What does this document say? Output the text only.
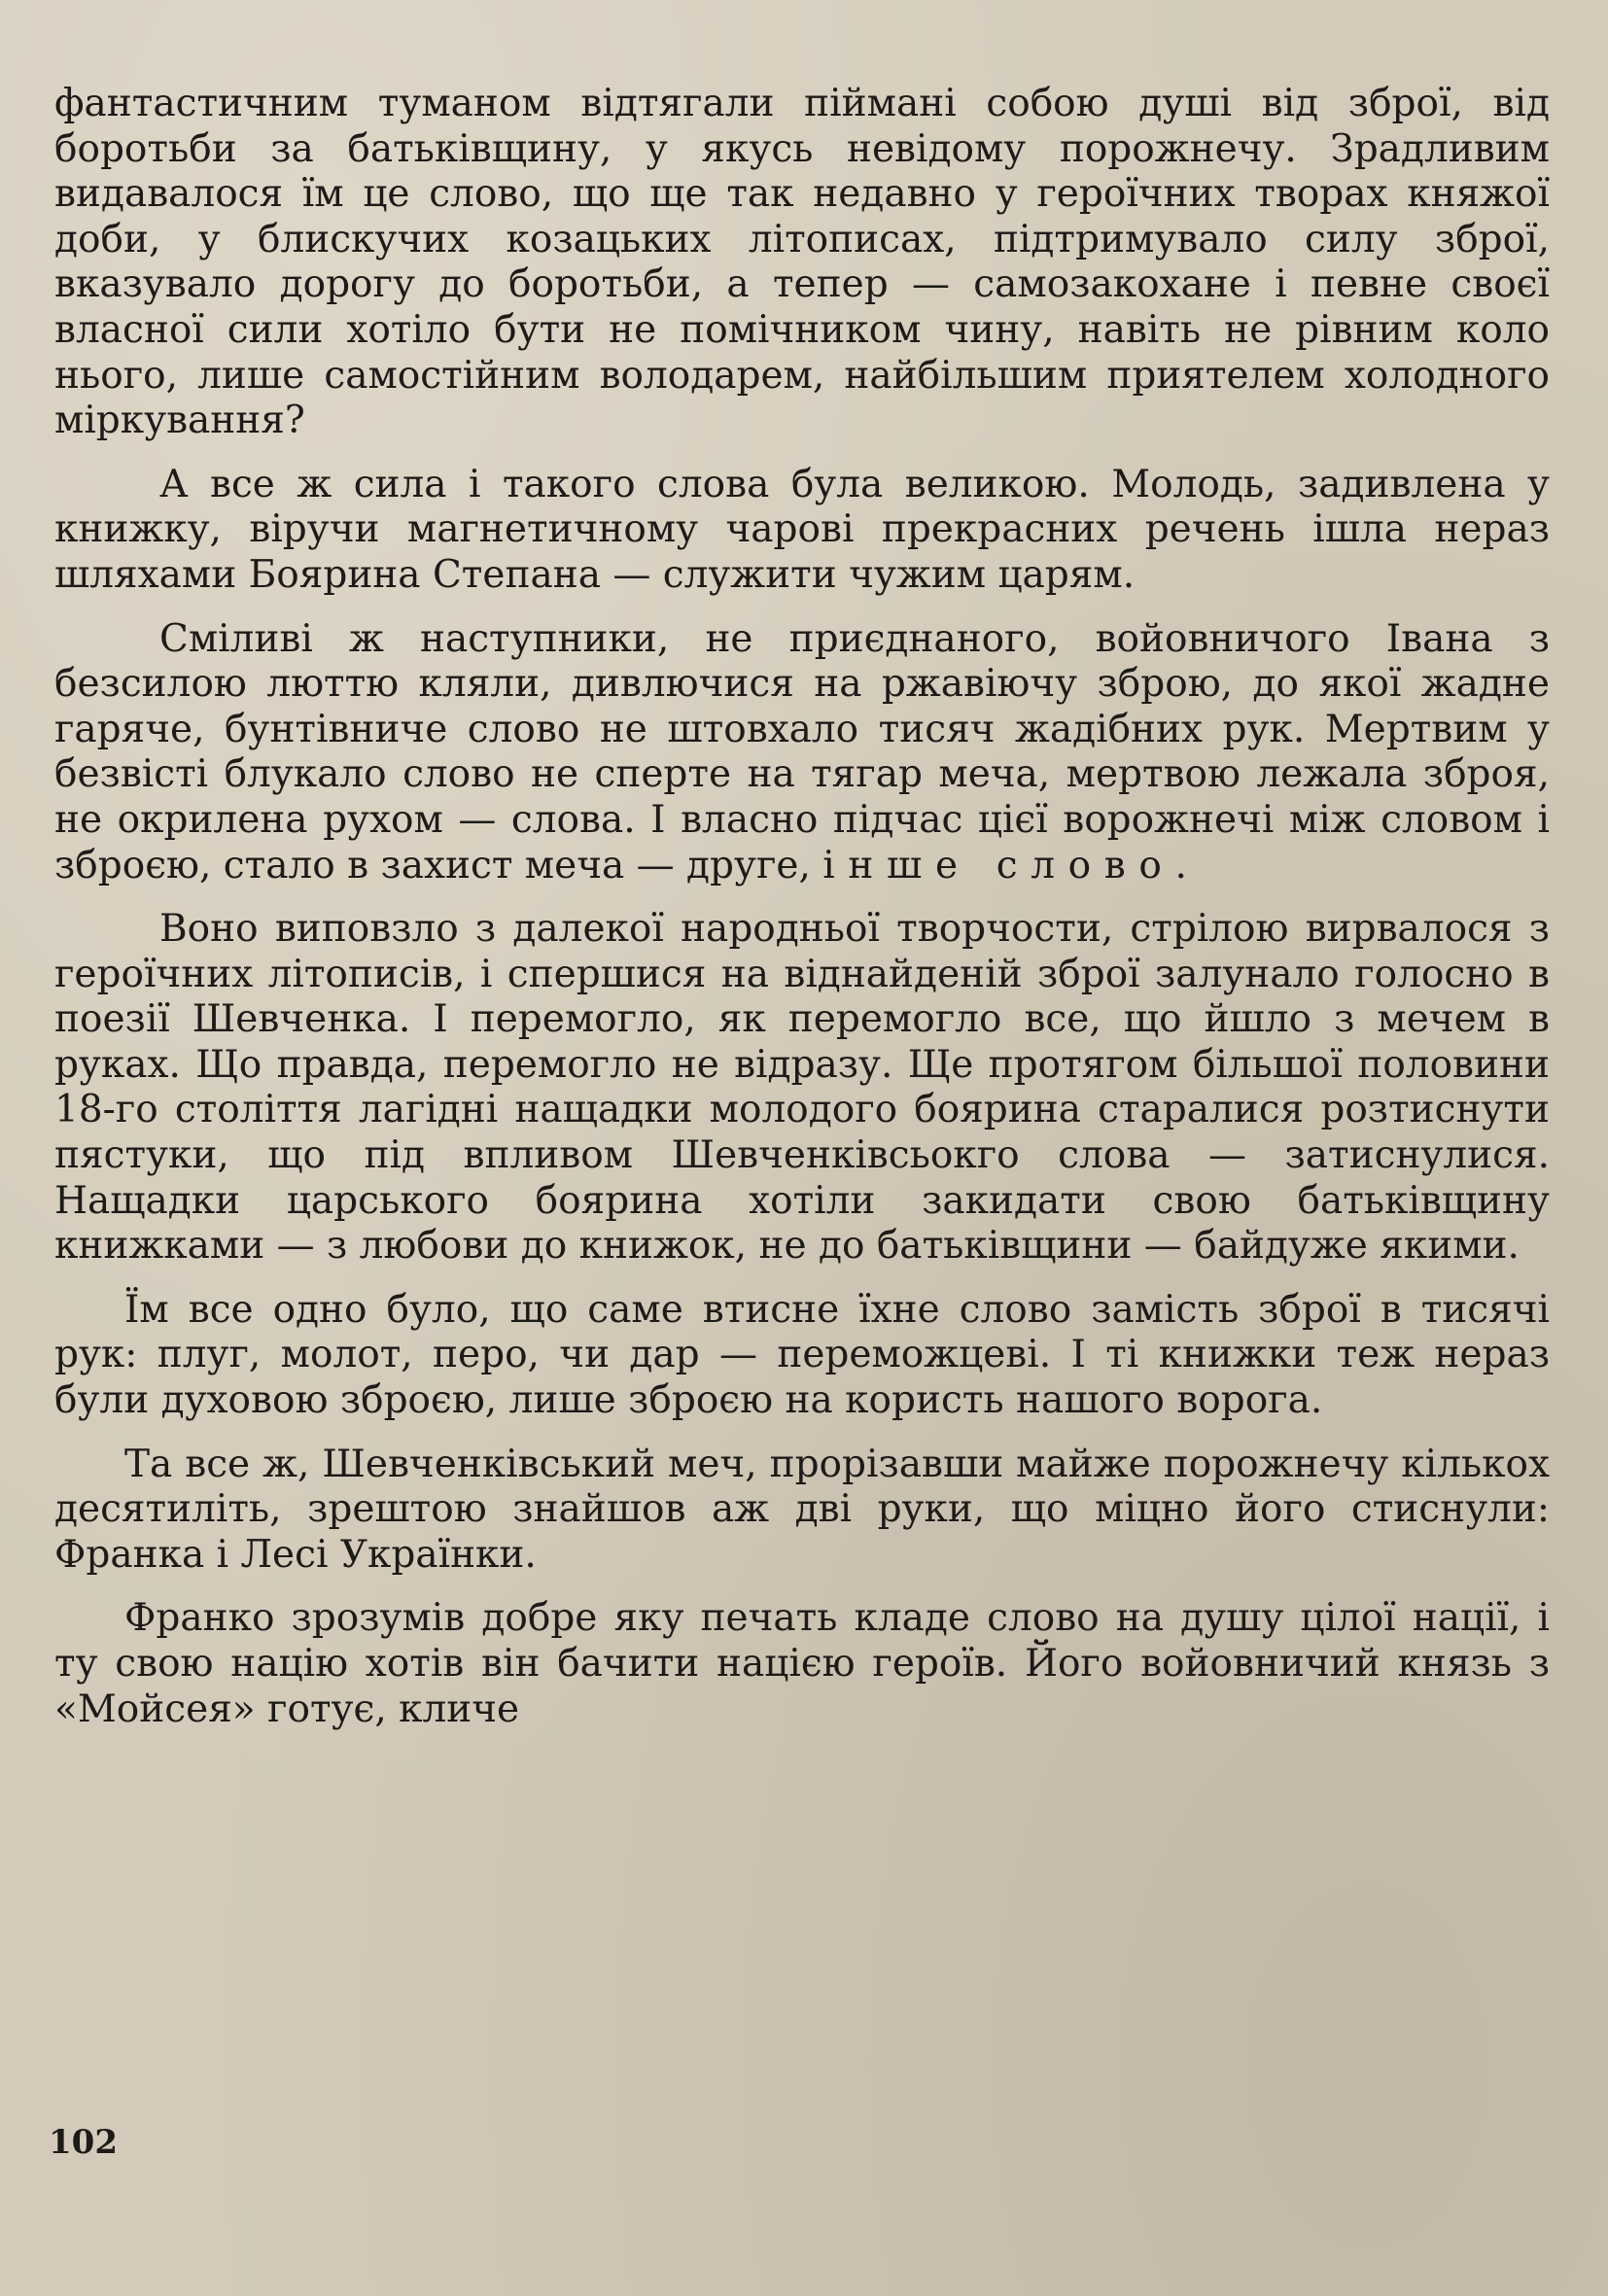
фантастичним туманом відтягали піймані собою душі від зброї, від боротьби за батьківщину, у якусь невідому порожнечу. Зрадливим видавалося їм це слово, що ще так недавно у героїчних творах княжої доби, у блискучих козацьких літописах, підтримувало силу зброї, вказувало дорогу до боротьби, а тепер — самозакохане і певне своєї власної сили хотіло бути не помічником чину, навіть не рівним коло нього, лише самостійним володарем, найбільшим приятелем холодного міркування?

А все ж сила і такого слова була великою. Молодь, задивлена у книжку, віручи магнетичному чарові прекрасних речень ішла нераз шляхами Боярина Степана — служити чужим царям.

Сміливі ж наступники, не приєднаного, войовничого Івана з безсилою люттю кляли, дивлючися на ржавіючу зброю, до якої жадне гаряче, бунтівниче слово не штовхало тисяч жадібних рук. Мертвим у безвісті блукало слово не сперте на тягар меча, мертвою лежала зброя, не окрилена рухом — слова. І власно підчас цієї ворожнечі між словом і зброєю, стало в захист меча — друге, інше слово.

Воно виповзло з далекої народньої творчости, стрілою вирвалося з героїчних літописів, і спершися на віднайденій зброї залунало голосно в поезії Шевченка. І перемогло, як перемогло все, що йшло з мечем в руках. Що правда, перемогло не відразу. Ще протягом більшої половини 18-го століття лагідні нащадки молодого боярина старалися розтиснути пястуки, що під впливом Шевченківсьокго слова — затиснулися. Нащадки царського боярина хотіли закидати свою батьківщину книжками — з любови до книжок, не до батьківщини — байдуже якими.

Їм все одно було, що саме втисне їхне слово замість зброї в тисячі рук: плуг, молот, перо, чи дар — переможцеві. І ті книжки теж нераз були духовою зброєю, лише зброєю на користь нашого ворога.

Та все ж, Шевченківський меч, прорізавши майже порожнечу кількох десятиліть, зрештою знайшов аж дві руки, що міцно його стиснули: Франка і Лесі Українки.

Франко зрозумів добре яку печать кладе слово на душу цілої нації, і ту свою націю хотів він бачити нацією героїв. Його войовничий князь з «Мойсея» готує, кличе

102
